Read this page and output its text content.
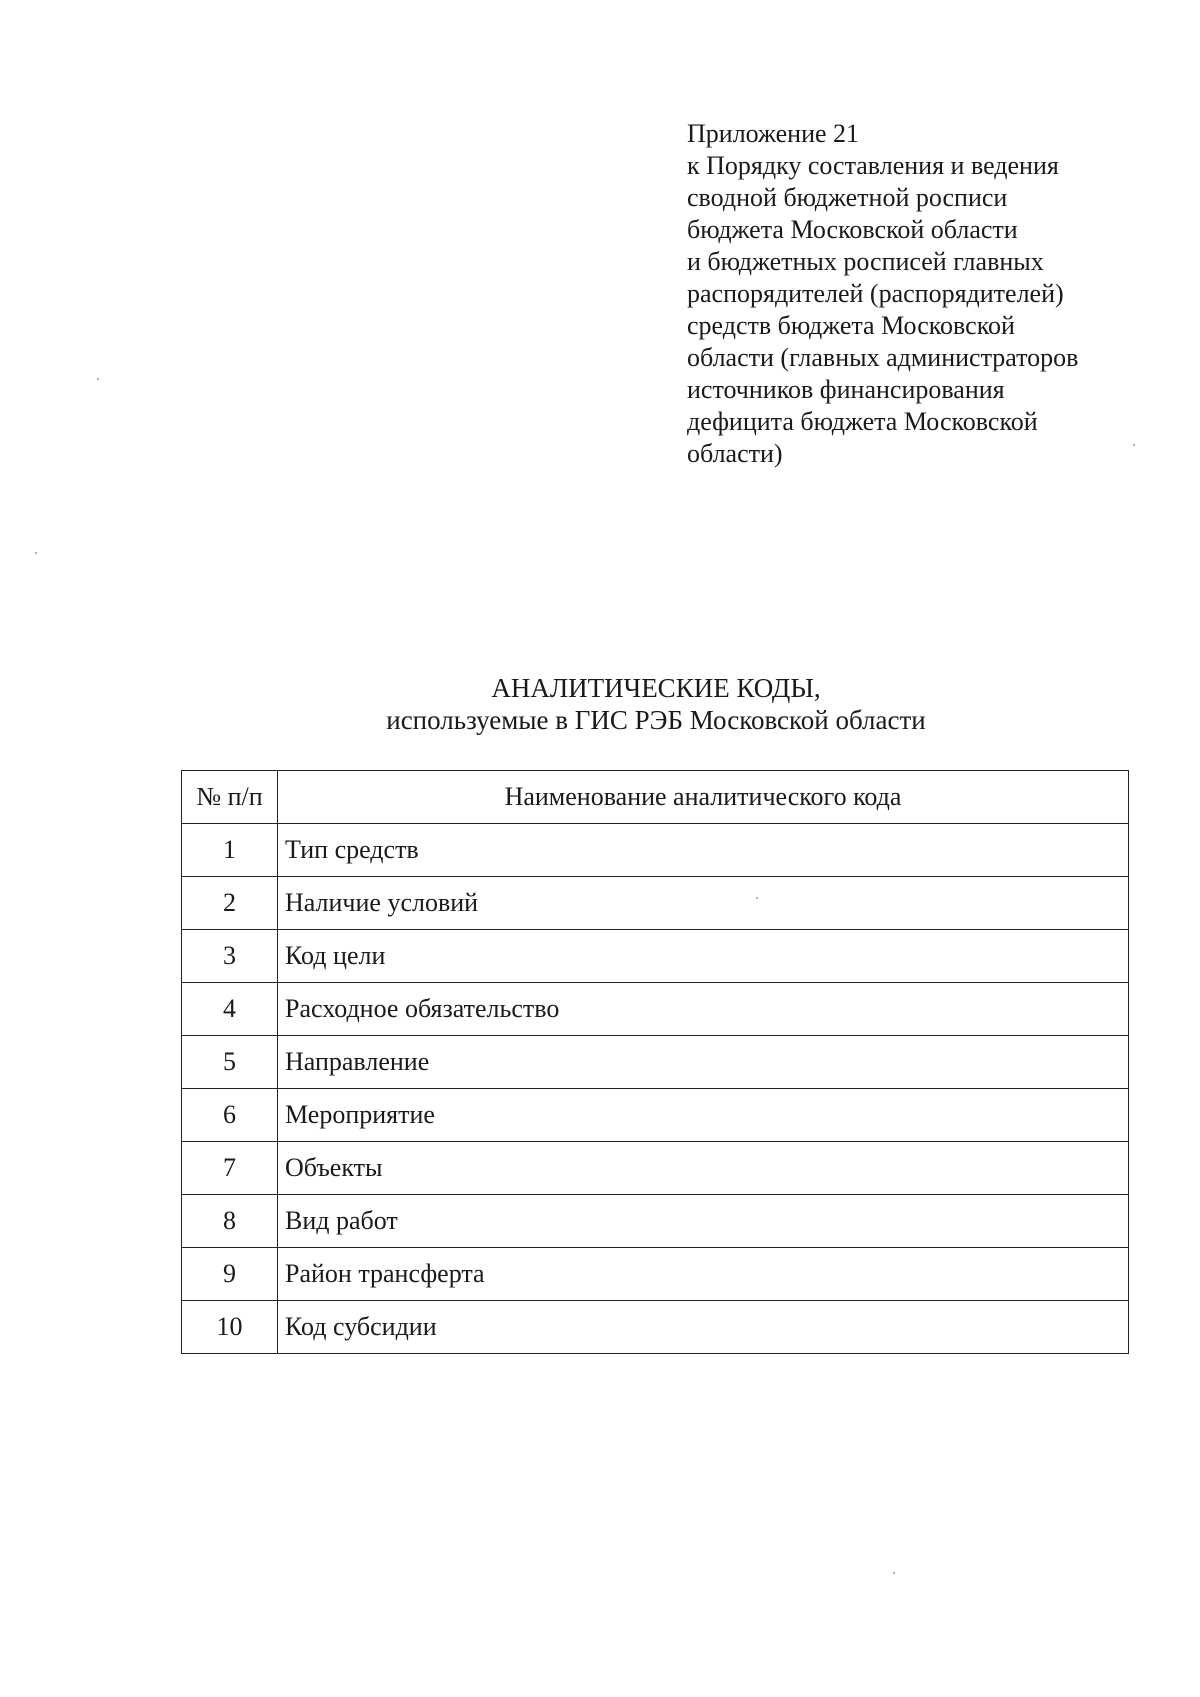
Приложение 21
к Порядку составления и ведения
сводной бюджетной росписи
бюджета Московской области
и бюджетных росписей главных
распорядителей (распорядителей)
средств бюджета Московской
области (главных администраторов
источников финансирования
дефицита бюджета Московской
области)
АНАЛИТИЧЕСКИЕ КОДЫ,
используемые в ГИС РЭБ Московской области
№ п/п	Наименование аналитического кода
1	Тип средств
2	Наличие условий
3	Код цели
4	Расходное обязательство
5	Направление
6	Мероприятие
7	Объекты
8	Вид работ
9	Район трансферта
10	Код субсидии
